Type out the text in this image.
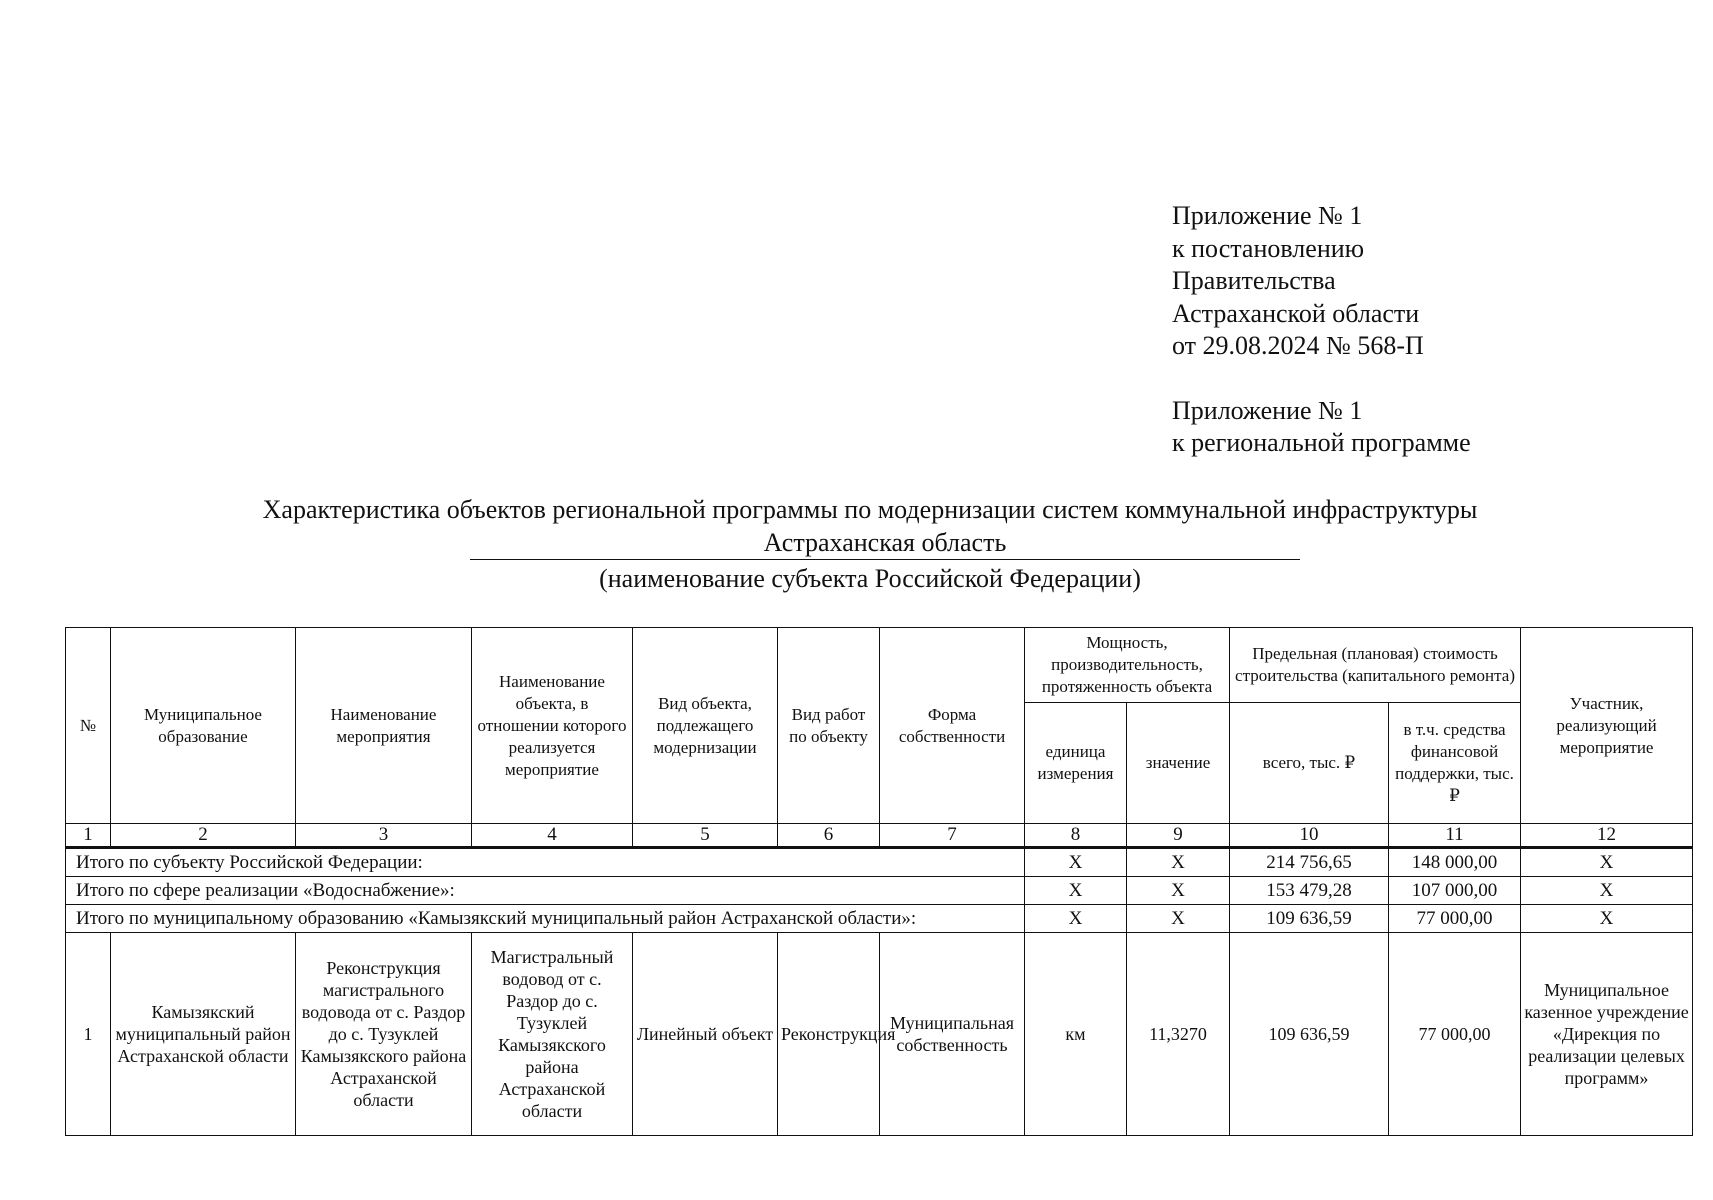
Приложение № 1
к постановлению
Правительства
Астраханской области
от 29.08.2024 № 568-П
Приложение № 1
к региональной программе
Характеристика объектов региональной программы по модернизации систем коммунальной инфраструктуры
Астраханская область
(наименование субъекта Российской Федерации)
№	Муниципальное образование	Наименование мероприятия	Наименование объекта, в отношении которого реализуется мероприятие	Вид объекта, подлежащего модернизации	Вид работ по объекту	Форма собственности	Мощность, производительность, протяженность объекта		Предельная (плановая) стоимость строительства (капитального ремонта)		Участник, реализующий мероприятие
							единица измерения	значение	всего, тыс. ₽	в т.ч. средства финансовой поддержки, тыс. ₽	
1	2	3	4	5	6	7	8	9	10	11	12
Итого по субъекту Российской Федерации:							Х	Х	214 756,65	148 000,00	Х
Итого по сфере реализации «Водоснабжение»:							Х	Х	153 479,28	107 000,00	Х
Итого по муниципальному образованию «Камызякский муниципальный район Астраханской области»:							Х	Х	109 636,59	77 000,00	Х
1	Камызякский муниципальный район Астраханской области	Реконструкция магистрального водовода от с. Раздор до с. Тузуклей Камызякского района Астраханской области	Магистральный водовод от с. Раздор до с. Тузуклей Камызякского района Астраханской области	Линейный объект	Реконструкция	Муниципальная собственность	км	11,3270	109 636,59	77 000,00	Муниципальное казенное учреждение «Дирекция по реализации целевых программ»
